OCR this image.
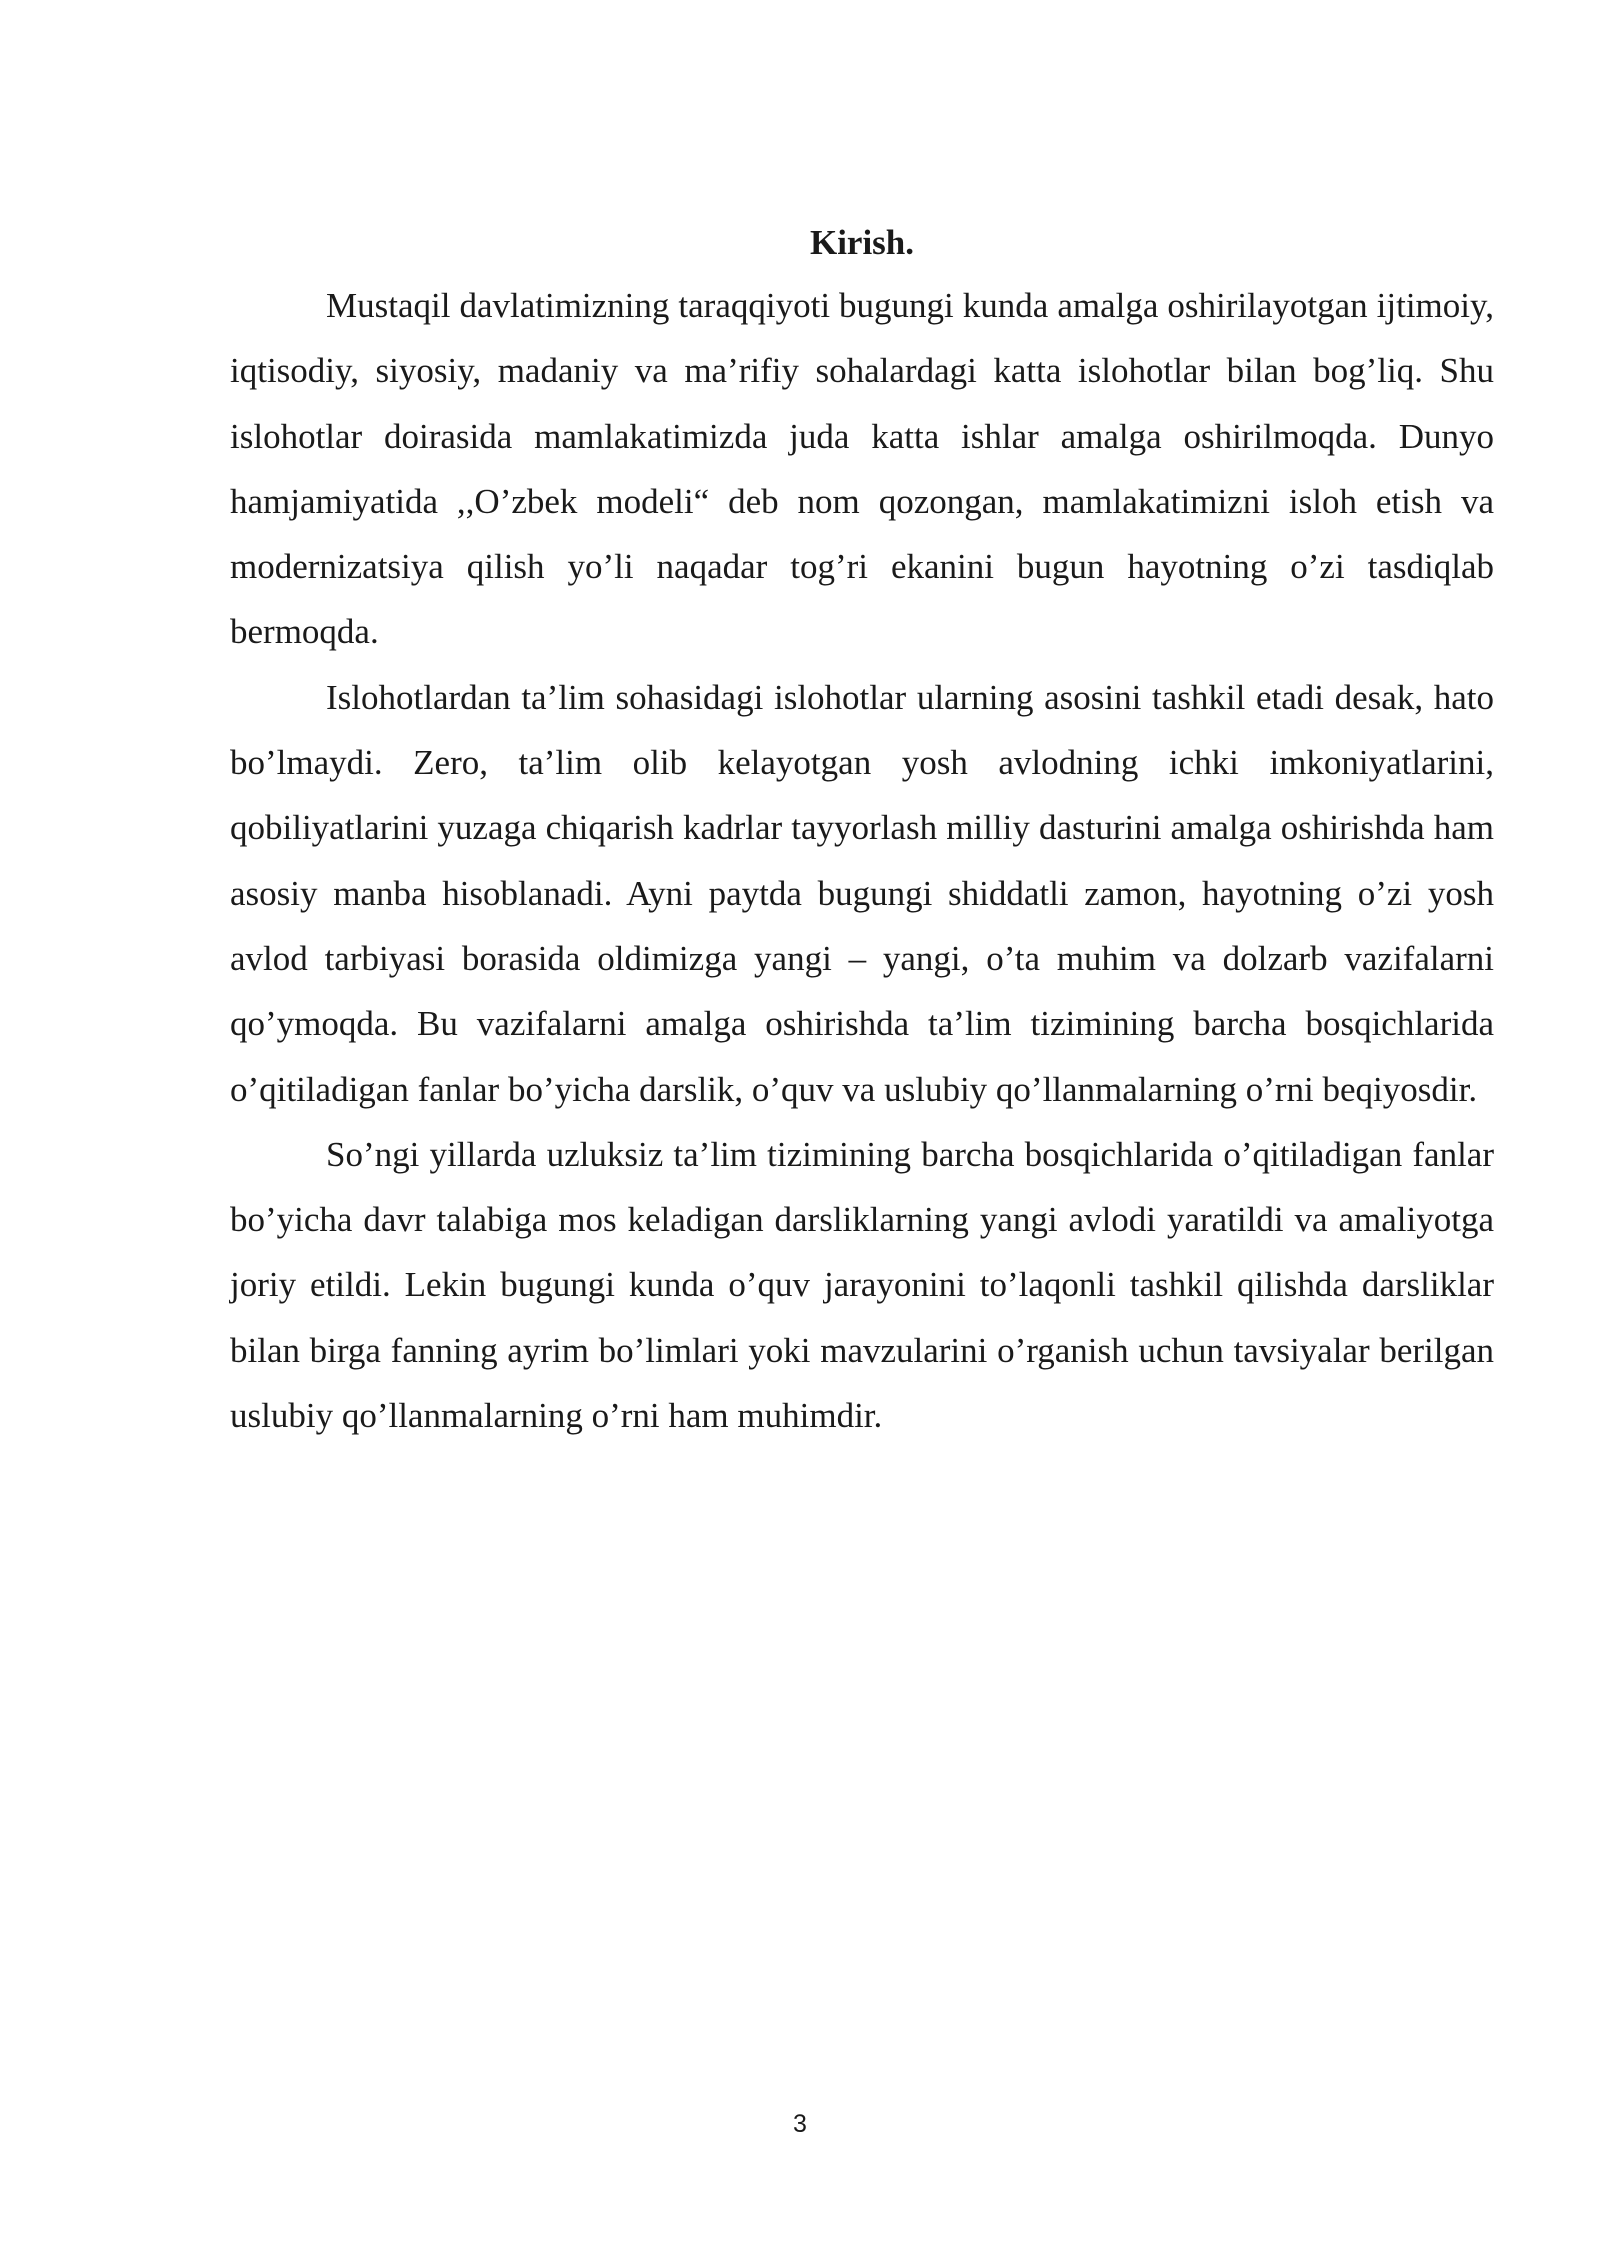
Kirish.

Mustaqil davlatimizning taraqqiyoti bugungi kunda amalga oshirilayotgan ijtimoiy, iqtisodiy, siyosiy, madaniy va ma’rifiy sohalardagi katta islohotlar bilan bog’liq. Shu islohotlar doirasida mamlakatimizda juda katta ishlar amalga oshirilmoqda. Dunyo hamjamiyatida ,,O’zbek modeli“ deb nom qozongan, mamlakatimizni isloh etish va modernizatsiya qilish yo’li naqadar tog’ri ekanini bugun hayotning o’zi tasdiqlab bermoqda.

Islohotlardan ta’lim sohasidagi islohotlar ularning asosini tashkil etadi desak, hato bo’lmaydi. Zero, ta’lim olib kelayotgan yosh avlodning ichki imkoniyatlarini, qobiliyatlarini yuzaga chiqarish kadrlar tayyorlash milliy dasturini amalga oshirishda ham asosiy manba hisoblanadi. Ayni paytda bugungi shiddatli zamon, hayotning o’zi yosh avlod tarbiyasi borasida oldimizga yangi – yangi, o’ta muhim va dolzarb vazifalarni qo’ymoqda. Bu vazifalarni amalga oshirishda ta’lim tizimining barcha bosqichlarida o’qitiladigan fanlar bo’yicha darslik, o’quv va uslubiy qo’llanmalarning o’rni beqiyosdir.

So’ngi yillarda uzluksiz ta’lim tizimining barcha bosqichlarida o’qitiladigan fanlar bo’yicha davr talabiga mos keladigan darsliklarning yangi avlodi yaratildi va amaliyotga joriy etildi. Lekin bugungi kunda o’quv jarayonini to’laqonli tashkil qilishda darsliklar bilan birga fanning ayrim bo’limlari yoki mavzularini o’rganish uchun tavsiyalar berilgan uslubiy qo’llanmalarning o’rni ham muhimdir.

3
